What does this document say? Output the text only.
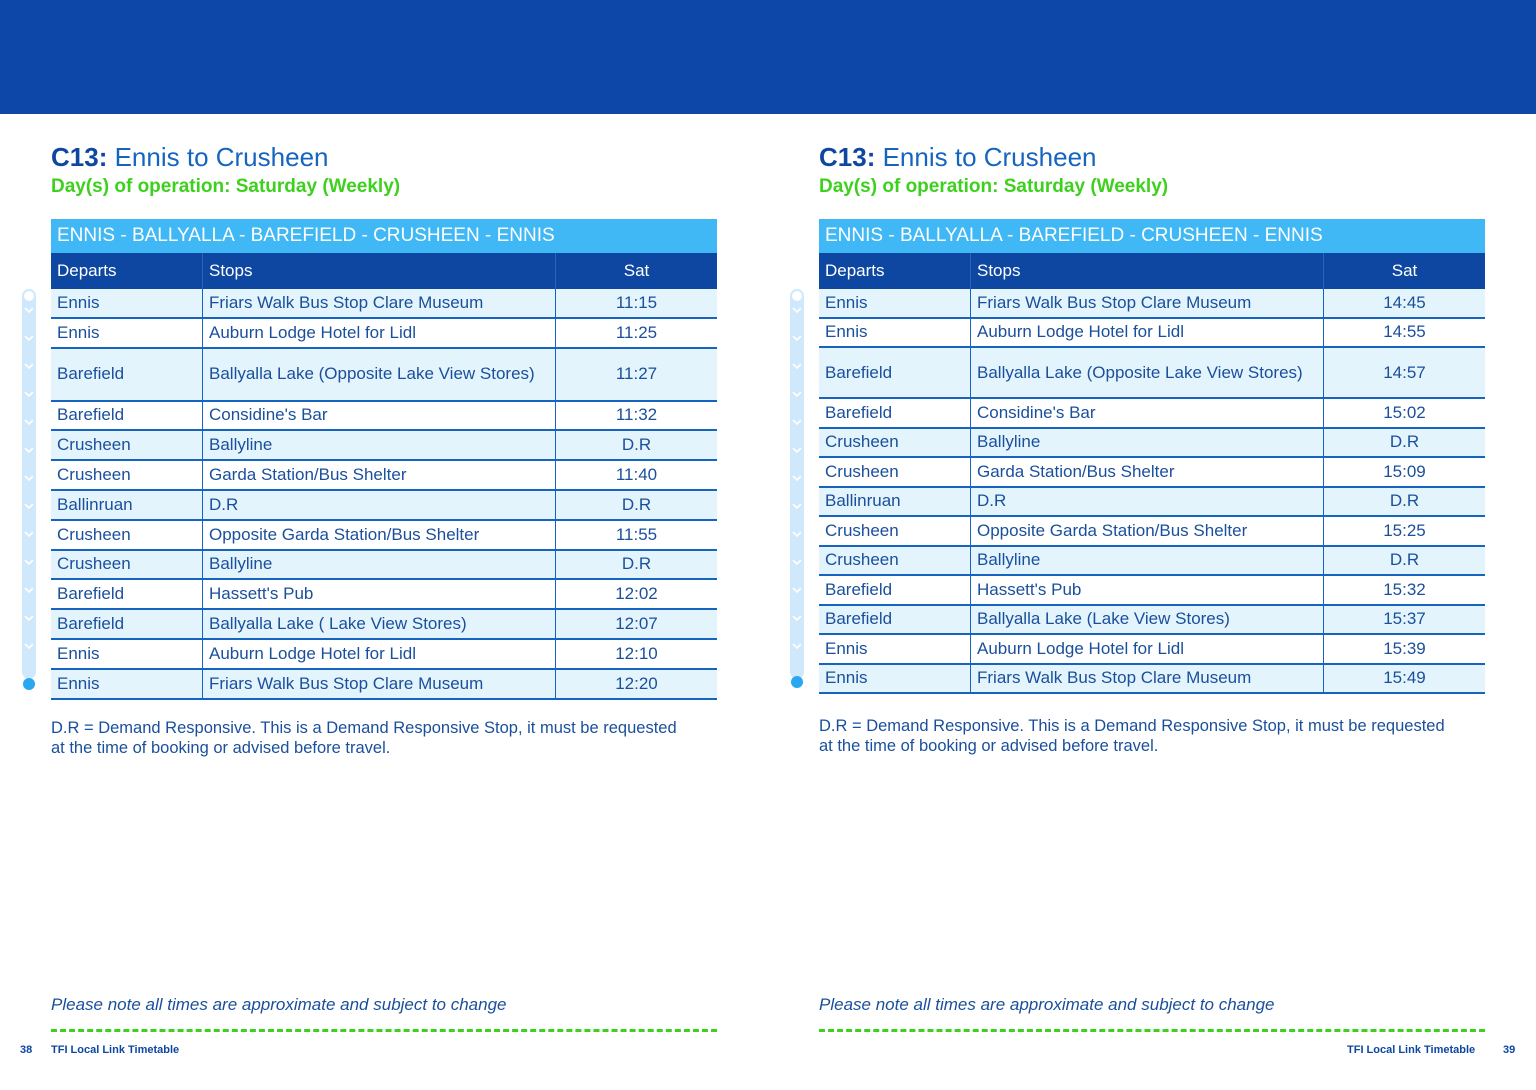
C13: Ennis to Crusheen
Day(s) of operation: Saturday (Weekly)
ENNIS - BALLYALLA - BAREFIELD - CRUSHEEN - ENNIS
Departs	Stops	Sat
Ennis	Friars Walk Bus Stop Clare Museum	11:15
Ennis	Auburn Lodge Hotel for Lidl	11:25
Barefield	Ballyalla Lake (Opposite Lake View Stores)	11:27
Barefield	Considine's Bar	11:32
Crusheen	Ballyline	D.R
Crusheen	Garda Station/Bus Shelter	11:40
Ballinruan	D.R	D.R
Crusheen	Opposite Garda Station/Bus Shelter	11:55
Crusheen	Ballyline	D.R
Barefield	Hassett's Pub	12:02
Barefield	Ballyalla Lake ( Lake View Stores)	12:07
Ennis	Auburn Lodge Hotel for Lidl	12:10
Ennis	Friars Walk Bus Stop Clare Museum	12:20
D.R = Demand Responsive. This is a Demand Responsive Stop, it must be requested at the time of booking or advised before travel.
Please note all times are approximate and subject to change
38 TFI Local Link Timetable
C13: Ennis to Crusheen
Day(s) of operation: Saturday (Weekly)
ENNIS - BALLYALLA - BAREFIELD - CRUSHEEN - ENNIS
Departs	Stops	Sat
Ennis	Friars Walk Bus Stop Clare Museum	14:45
Ennis	Auburn Lodge Hotel for Lidl	14:55
Barefield	Ballyalla Lake (Opposite Lake View Stores)	14:57
Barefield	Considine's Bar	15:02
Crusheen	Ballyline	D.R
Crusheen	Garda Station/Bus Shelter	15:09
Ballinruan	D.R	D.R
Crusheen	Opposite Garda Station/Bus Shelter	15:25
Crusheen	Ballyline	D.R
Barefield	Hassett's Pub	15:32
Barefield	Ballyalla Lake (Lake View Stores)	15:37
Ennis	Auburn Lodge Hotel for Lidl	15:39
Ennis	Friars Walk Bus Stop Clare Museum	15:49
D.R = Demand Responsive. This is a Demand Responsive Stop, it must be requested at the time of booking or advised before travel.
Please note all times are approximate and subject to change
TFI Local Link Timetable	39
